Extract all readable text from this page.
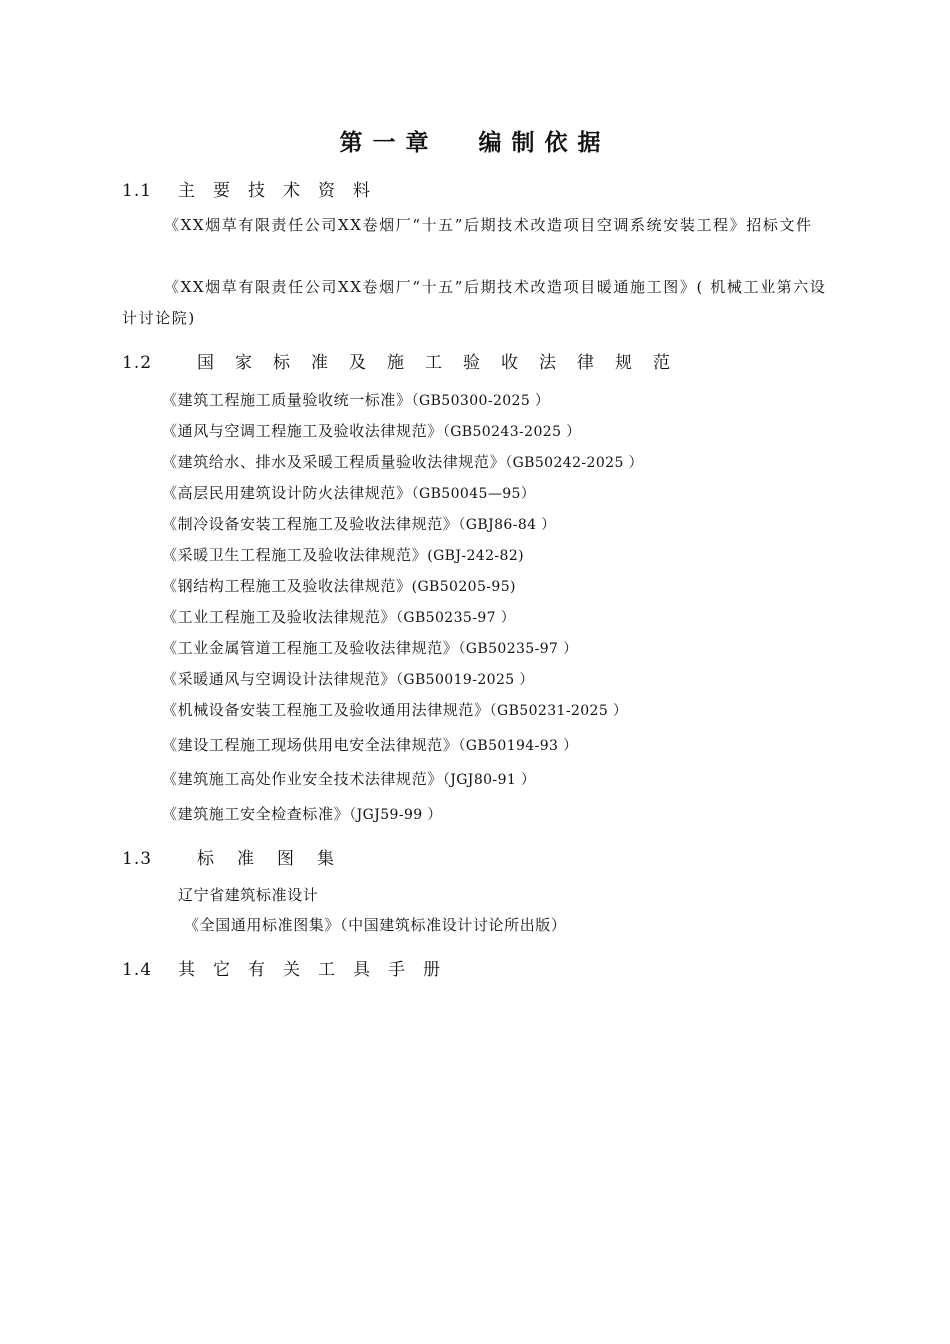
第一章 编制依据
1.1 主要技术资料
《XX烟草有限责任公司XX卷烟厂“十五”后期技术改造项目空调系统安装工程》招标文件
《XX烟草有限责任公司XX卷烟厂“十五”后期技术改造项目暖通施工图》( 机械工业第六设计讨论院)
1.2	国家标准及施工验收法律规范
《建筑工程施工质量验收统一标准》（GB50300-2025 ）
《通风与空调工程施工及验收法律规范》（GB50243-2025 ）
《建筑给水、排水及采暖工程质量验收法律规范》（GB50242-2025 ）
《高层民用建筑设计防火法律规范》（GB50045—95）
《制冷设备安装工程施工及验收法律规范》（GBJ86-84 ）
《采暖卫生工程施工及验收法律规范》(GBJ-242-82)
《钢结构工程施工及验收法律规范》(GB50205-95)
《工业工程施工及验收法律规范》（GB50235-97 ）
《工业金属管道工程施工及验收法律规范》（GB50235-97 ）
《采暖通风与空调设计法律规范》（GB50019-2025 ）
《机械设备安装工程施工及验收通用法律规范》（GB50231-2025 ）
《建设工程施工现场供用电安全法律规范》（GB50194-93 ）
《建筑施工高处作业安全技术法律规范》（JGJ80-91 ）
《建筑施工安全检查标准》（JGJ59-99 ）
1.3	标准图集
辽宁省建筑标准设计
《全国通用标准图集》（中国建筑标准设计讨论所出版）
1.4 其它有关工具手册
